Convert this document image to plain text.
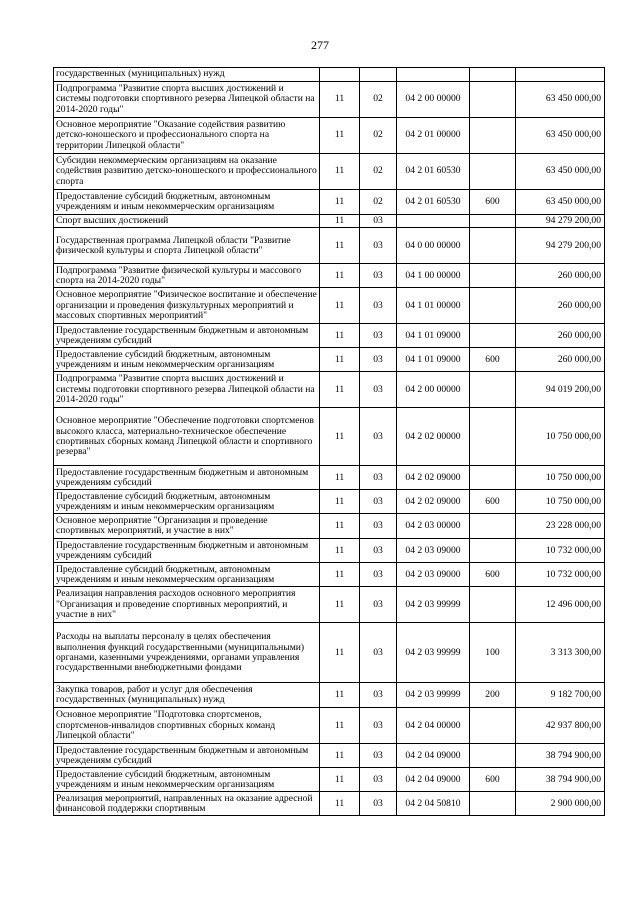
277
государственных (муниципальных) нужд					
Подпрограмма "Развитие спорта высших достижений и системы подготовки спортивного резерва Липецкой области на 2014-2020 годы"	11	02	04 2 00 00000		63 450 000,00
Основное мероприятие "Оказание содействия развитию детско-юношеского и профессионального спорта на территории Липецкой области"	11	02	04 2 01 00000		63 450 000,00
Субсидии некоммерческим организациям на оказание содействия развитию детско-юношеского и профессионального спорта	11	02	04 2 01 60530		63 450 000,00
Предоставление субсидий бюджетным, автономным учреждениям и иным некоммерческим организациям	11	02	04 2 01 60530	600	63 450 000,00
Спорт высших достижений	11	03			94 279 200,00
Государственная программа Липецкой области "Развитие физической культуры и спорта Липецкой области"	11	03	04 0 00 00000		94 279 200,00
Подпрограмма "Развитие физической культуры и массового спорта на 2014-2020 годы"	11	03	04 1 00 00000		260 000,00
Основное мероприятие "Физическое воспитание и обеспечение организации и проведения физкультурных мероприятий и массовых спортивных мероприятий"	11	03	04 1 01 00000		260 000,00
Предоставление государственным бюджетным и автономным учреждениям субсидий	11	03	04 1 01 09000		260 000,00
Предоставление субсидий бюджетным, автономным учреждениям и иным некоммерческим организациям	11	03	04 1 01 09000	600	260 000,00
Подпрограмма "Развитие спорта высших достижений и системы подготовки спортивного резерва Липецкой области на 2014-2020 годы"	11	03	04 2 00 00000		94 019 200,00
Основное мероприятие "Обеспечение подготовки спортсменов высокого класса, материально-техническое обеспечение спортивных сборных команд Липецкой области и спортивного резерва"	11	03	04 2 02 00000		10 750 000,00
Предоставление государственным бюджетным и автономным учреждениям субсидий	11	03	04 2 02 09000		10 750 000,00
Предоставление субсидий бюджетным, автономным учреждениям и иным некоммерческим организациям	11	03	04 2 02 09000	600	10 750 000,00
Основное мероприятие "Организация и проведение спортивных мероприятий, и участие в них"	11	03	04 2 03 00000		23 228 000,00
Предоставление государственным бюджетным и автономным учреждениям субсидий	11	03	04 2 03 09000		10 732 000,00
Предоставление субсидий бюджетным, автономным учреждениям и иным некоммерческим организациям	11	03	04 2 03 09000	600	10 732 000,00
Реализация направления расходов основного мероприятия "Организация и проведение спортивных мероприятий, и участие в них"	11	03	04 2 03 99999		12 496 000,00
Расходы на выплаты персоналу в целях обеспечения выполнения функций государственными (муниципальными) органами, казенными учреждениями, органами управления государственными внебюджетными фондами	11	03	04 2 03 99999	100	3 313 300,00
Закупка товаров, работ и услуг для обеспечения государственных (муниципальных) нужд	11	03	04 2 03 99999	200	9 182 700,00
Основное мероприятие "Подготовка спортсменов, спортсменов-инвалидов спортивных сборных команд Липецкой области"	11	03	04 2 04 00000		42 937 800,00
Предоставление государственным бюджетным и автономным учреждениям субсидий	11	03	04 2 04 09000		38 794 900,00
Предоставление субсидий бюджетным, автономным учреждениям и иным некоммерческим организациям	11	03	04 2 04 09000	600	38 794 900,00
Реализация мероприятий, направленных на оказание адресной финансовой поддержки спортивным	11	03	04 2 04 50810		2 900 000,00
